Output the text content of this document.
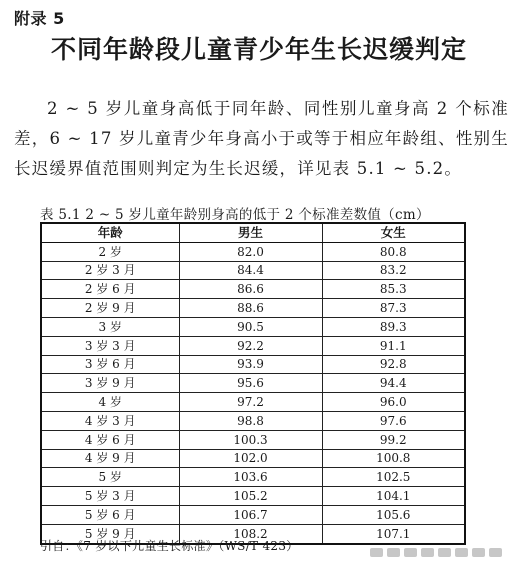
附录 5
不同年龄段儿童青少年生长迟缓判定

2 ~ 5 岁儿童身高低于同年龄、同性别儿童身高 2 个标准差，6 ~ 17 岁儿童青少年身高小于或等于相应年龄组、性别生长迟缓界值范围则判定为生长迟缓，详见表 5.1 ~ 5.2。

表 5.1 2 ~ 5 岁儿童年龄别身高的低于 2 个标准差数值（cm）
年龄	男生	女生
2 岁	82.0	80.8
2 岁 3 月	84.4	83.2
2 岁 6 月	86.6	85.3
2 岁 9 月	88.6	87.3
3 岁	90.5	89.3
3 岁 3 月	92.2	91.1
3 岁 6 月	93.9	92.8
3 岁 9 月	95.6	94.4
4 岁	97.2	96.0
4 岁 3 月	98.8	97.6
4 岁 6 月	100.3	99.2
4 岁 9 月	102.0	100.8
5 岁	103.6	102.5
5 岁 3 月	105.2	104.1
5 岁 6 月	106.7	105.6
5 岁 9 月	108.2	107.1
引自：《7 岁以下儿童生长标准》（WS/T 423）
